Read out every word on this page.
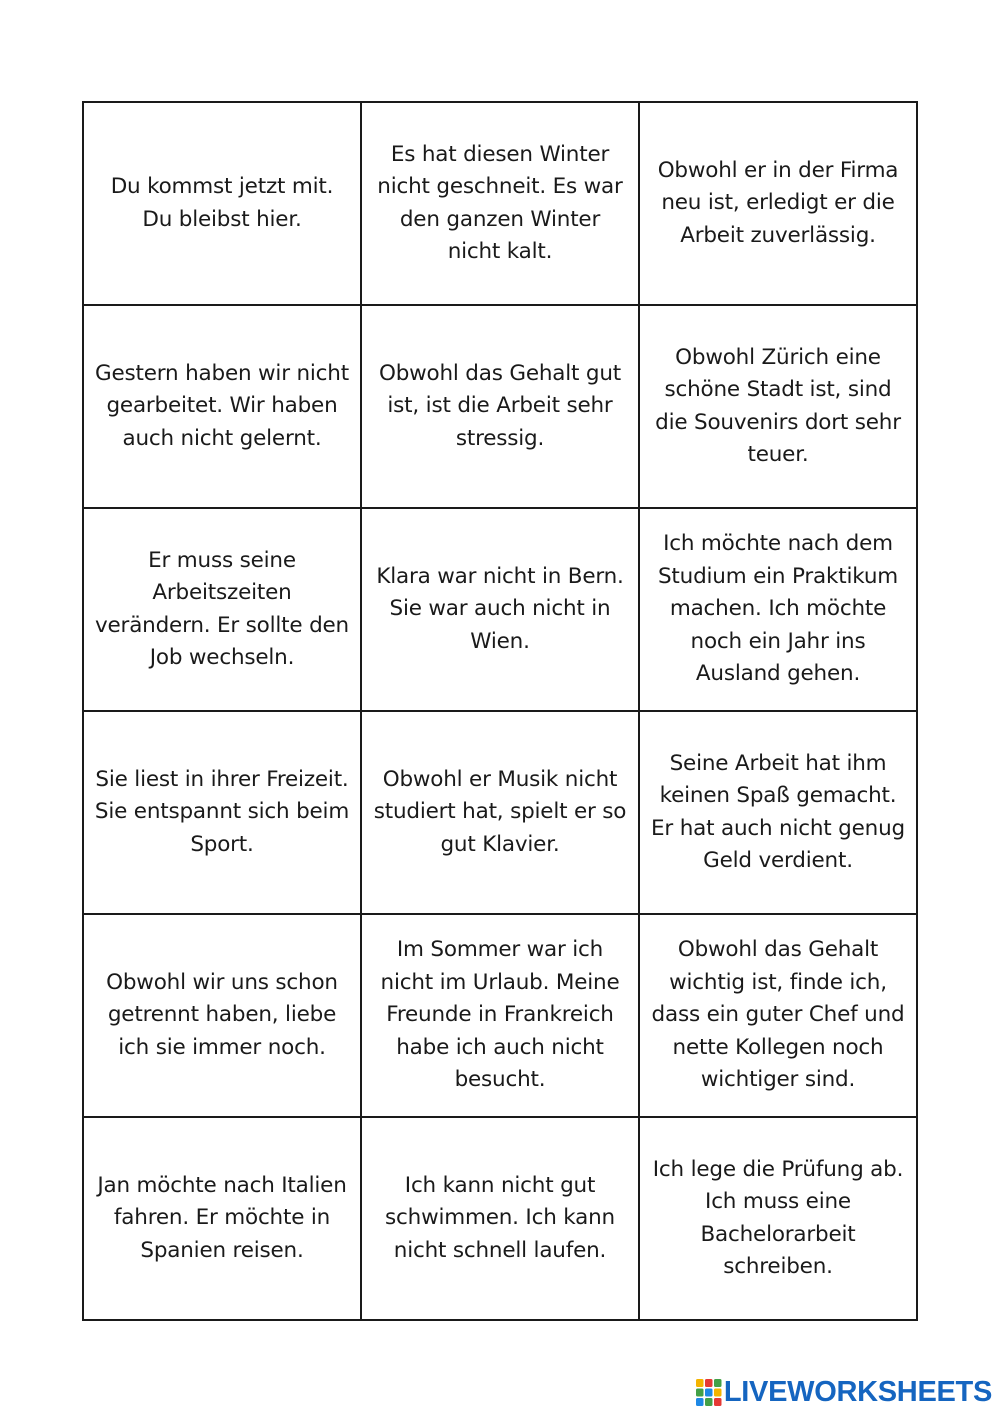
Du kommst jetzt mit.
Du bleibst hier.
Es hat diesen Winter
nicht geschneit. Es war
den ganzen Winter
nicht kalt.
Obwohl er in der Firma
neu ist, erledigt er die
Arbeit zuverlässig.
Gestern haben wir nicht
gearbeitet. Wir haben
auch nicht gelernt.
Obwohl das Gehalt gut
ist, ist die Arbeit sehr
stressig.
Obwohl Zürich eine
schöne Stadt ist, sind
die Souvenirs dort sehr
teuer.
Er muss seine
Arbeitszeiten
verändern. Er sollte den
Job wechseln.
Klara war nicht in Bern.
Sie war auch nicht in
Wien.
Ich möchte nach dem
Studium ein Praktikum
machen. Ich möchte
noch ein Jahr ins
Ausland gehen.
Sie liest in ihrer Freizeit.
Sie entspannt sich beim
Sport.
Obwohl er Musik nicht
studiert hat, spielt er so
gut Klavier.
Seine Arbeit hat ihm
keinen Spaß gemacht.
Er hat auch nicht genug
Geld verdient.
Obwohl wir uns schon
getrennt haben, liebe
ich sie immer noch.
Im Sommer war ich
nicht im Urlaub. Meine
Freunde in Frankreich
habe ich auch nicht
besucht.
Obwohl das Gehalt
wichtig ist, finde ich,
dass ein guter Chef und
nette Kollegen noch
wichtiger sind.
Jan möchte nach Italien
fahren. Er möchte in
Spanien reisen.
Ich kann nicht gut
schwimmen. Ich kann
nicht schnell laufen.
Ich lege die Prüfung ab.
Ich muss eine
Bachelorarbeit
schreiben.
LIVEWORKSHEETS
